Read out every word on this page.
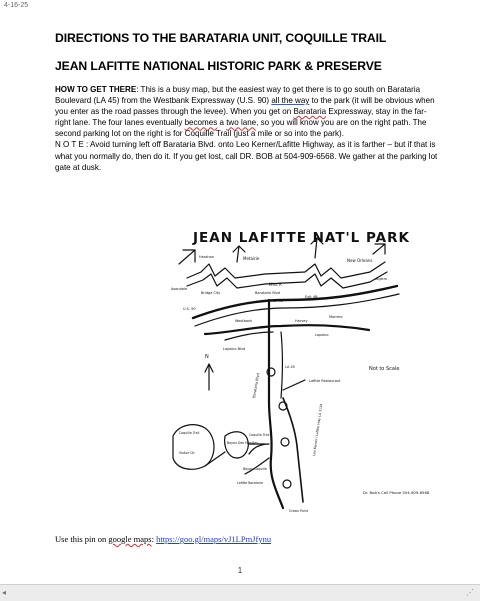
4-16-25
DIRECTIONS TO THE BARATARIA UNIT, COQUILLE TRAIL
JEAN LAFITTE NATIONAL HISTORIC PARK & PRESERVE

HOW TO GET THERE: This is a busy map, but the easiest way to get there is to go south on Barataria Boulevard (LA 45) from the Westbank Expressway (U.S. 90) all the way to the park (it will be obvious when you enter as the road passes through the levee). When you get on Barataria Expressway, stay in the far-right lane. The four lanes eventually becomes a two lane, so you will know you are on the right path. The second parking lot on the right is for Coquille Trail (just a mile or so into the park).

N O T E : Avoid turning left off Barataria Blvd. onto Leo Kerner/Lafitte Highway, as it is farther – but if that is what you normally do, then do it. If you get lost, call DR. BOB at 504-909-6568. We gather at the parking lot gate at dusk.

JEAN LAFITTE NAT'L PARK
Harahan	Metairie	New Orleans
Avondale
Bridge City
Miss R
Algiers
U.S. 90
Barataria Blvd
LA 45
Exit 4B
Westbank
Marrero
Lapalco Blvd
Harvey
Lapalco
N
Barataria Blvd
LA 45
Lafitte Restaurant
Not to Scale
Coquille Trail
Visitor Ctr
Bayou Des Families
Bayou Coquille
Coquille Trail	Leo Kerner / Lafitte Hwy LA 3134
Lafitte Barataria
Crown Point
Dr. Bob's Cell Phone 504-909-6568
Use this pin on google maps: https://goo.gl/maps/vJ1LPmJfynu
1
◂	⋰
